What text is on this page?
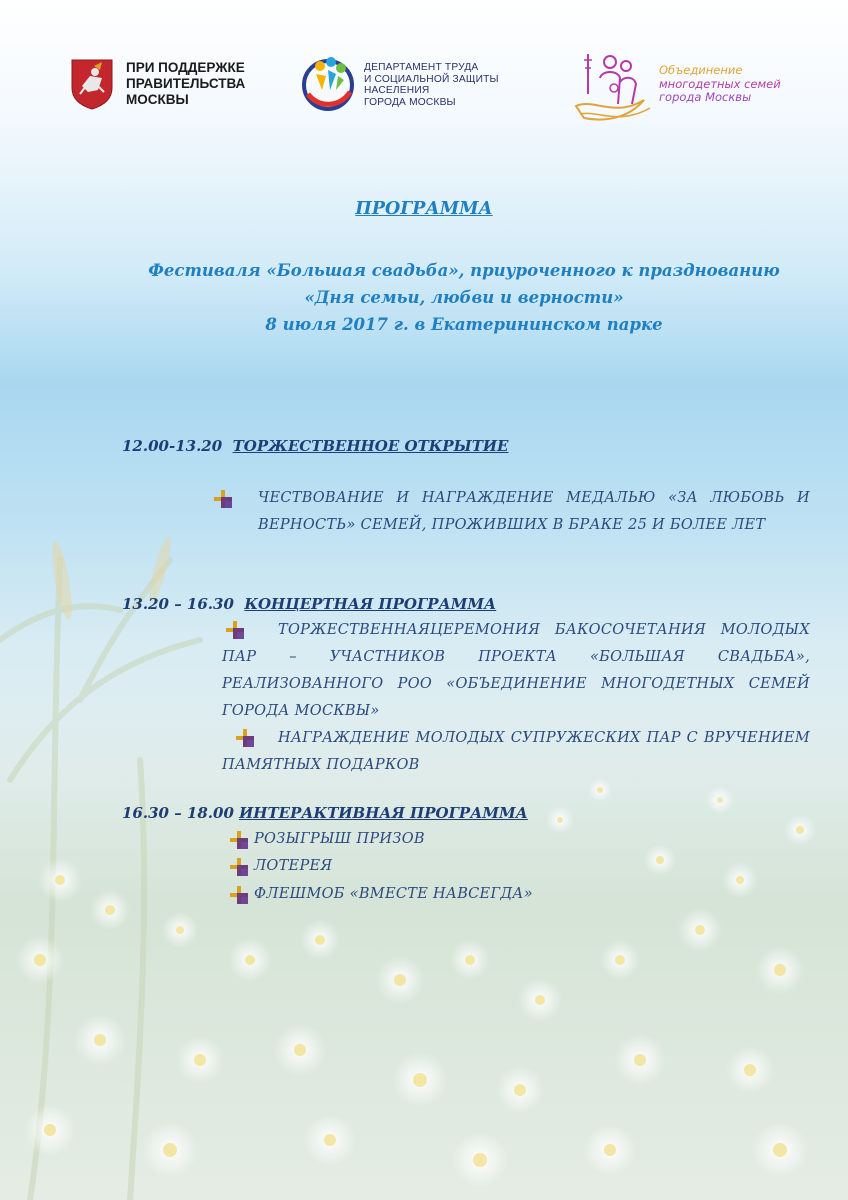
ПРИ ПОДДЕРЖКЕ
ПРАВИТЕЛЬСТВА
МОСКВЫ
ДЕПАРТАМЕНТ ТРУДА
И СОЦИАЛЬНОЙ ЗАЩИТЫ
НАСЕЛЕНИЯ
ГОРОДА МОСКВЫ
Объединение
многодетных семей
города Москвы
ПРОГРАММА
Фестиваля «Большая свадьба», приуроченного к празднованию
«Дня семьи, любви и верности»
8 июля 2017 г. в Екатерининском парке
12.00-13.20 ТОРЖЕСТВЕННОЕ ОТКРЫТИЕ
ЧЕСТВОВАНИЕ И НАГРАЖДЕНИЕ МЕДАЛЬЮ «ЗА ЛЮБОВЬ И ВЕРНОСТЬ» СЕМЕЙ, ПРОЖИВШИХ В БРАКЕ 25 И БОЛЕЕ ЛЕТ
13.20 – 16.30 КОНЦЕРТНАЯ ПРОГРАММА
ТОРЖЕСТВЕННАЯЦЕРЕМОНИЯ БАКОСОЧЕТАНИЯ МОЛОДЫХ ПАР – УЧАСТНИКОВ ПРОЕКТА «БОЛЬШАЯ СВАДЬБА», РЕАЛИЗОВАННОГО РОО «ОБЪЕДИНЕНИЕ МНОГОДЕТНЫХ СЕМЕЙ ГОРОДА МОСКВЫ»
НАГРАЖДЕНИЕ МОЛОДЫХ СУПРУЖЕСКИХ ПАР С ВРУЧЕНИЕМ ПАМЯТНЫХ ПОДАРКОВ
16.30 – 18.00 ИНТЕРАКТИВНАЯ ПРОГРАММА
РОЗЫГРЫШ ПРИЗОВ
ЛОТЕРЕЯ
ФЛЕШМОБ «ВМЕСТЕ НАВСЕГДА»
